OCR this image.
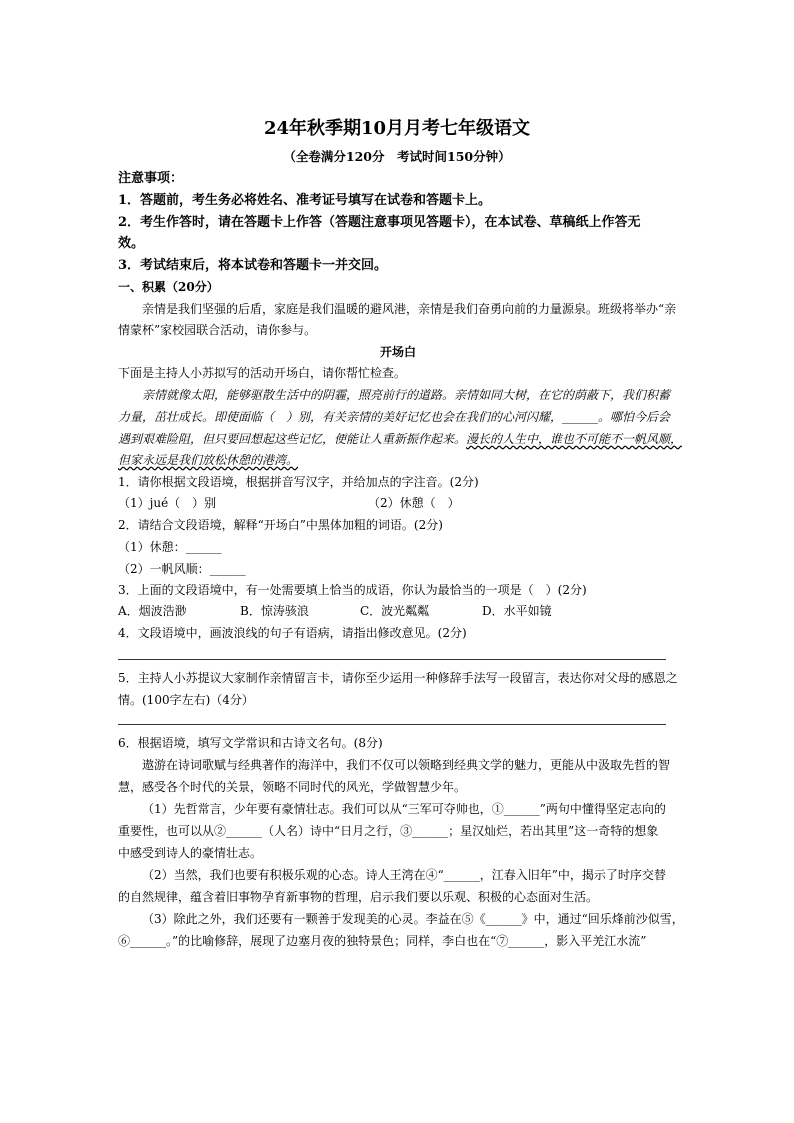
24年秋季期10月月考七年级语文
（全卷满分120分　考试时间150分钟）
注意事项：
1．答题前，考生务必将姓名、准考证号填写在试卷和答题卡上。
2．考生作答时，请在答题卡上作答（答题注意事项见答题卡），在本试卷、草稿纸上作答无
效。
3．考试结束后，将本试卷和答题卡一并交回。
一、积累（20分）
亲情是我们坚强的后盾，家庭是我们温暖的避风港，亲情是我们奋勇向前的力量源泉。班级将举办“亲
情蒙杯”家校园联合活动，请你参与。
开场白
下面是主持人小苏拟写的活动开场白，请你帮忙检查。
亲情就像太阳，能够驱散生活中的阴霾，照亮前行的道路。亲情如同大树，在它的荫蔽下，我们积蓄
力量，茁壮成长。即使面临（　）别，有关亲情的美好记忆也会在我们的心河闪耀，______。哪怕今后会
遇到艰难险阻，但只要回想起这些记忆，便能让人重新振作起来。漫长的人生中，谁也不可能不一帆风顺，
但家永远是我们放松休憩的港湾。
1．请你根据文段语境，根据拼音写汉字，并给加点的字注音。(2分)
（1）jué（　）别	（2）休憩（　）
2．请结合文段语境，解释“开场白”中黑体加粗的词语。(2分)
（1）休憩：______
（2）一帆风顺：______
3．上面的文段语境中，有一处需要填上恰当的成语，你认为最恰当的一项是（　）(2分)
A．烟波浩渺	B．惊涛骇浪	C．波光粼粼	D．水平如镜
4．文段语境中，画波浪线的句子有语病，请指出修改意见。(2分)
5．主持人小苏提议大家制作亲情留言卡，请你至少运用一种修辞手法写一段留言，表达你对父母的感恩之
情。(100字左右)（4分）
6．根据语境，填写文学常识和古诗文名句。(8分)
遨游在诗词歌赋与经典著作的海洋中，我们不仅可以领略到经典文学的魅力，更能从中汲取先哲的智
慧，感受各个时代的关景，领略不同时代的风光，学做智慧少年。
（1）先哲常言，少年要有豪情壮志。我们可以从“三军可夺帅也，①______”两句中懂得坚定志向的
重要性，也可以从②______（人名）诗中“日月之行，③______；星汉灿烂，若出其里”这一奇特的想象
中感受到诗人的豪情壮志。
（2）当然，我们也要有积极乐观的心态。诗人王湾在④“______，江春入旧年”中，揭示了时序交替
的自然规律，蕴含着旧事物孕育新事物的哲理，启示我们要以乐观、积极的心态面对生活。
（3）除此之外，我们还要有一颗善于发现美的心灵。李益在⑤《______》中，通过“回乐烽前沙似雪，
⑥______。”的比喻修辞，展现了边塞月夜的独特景色；同样，李白也在“⑦______，影入平羌江水流”
